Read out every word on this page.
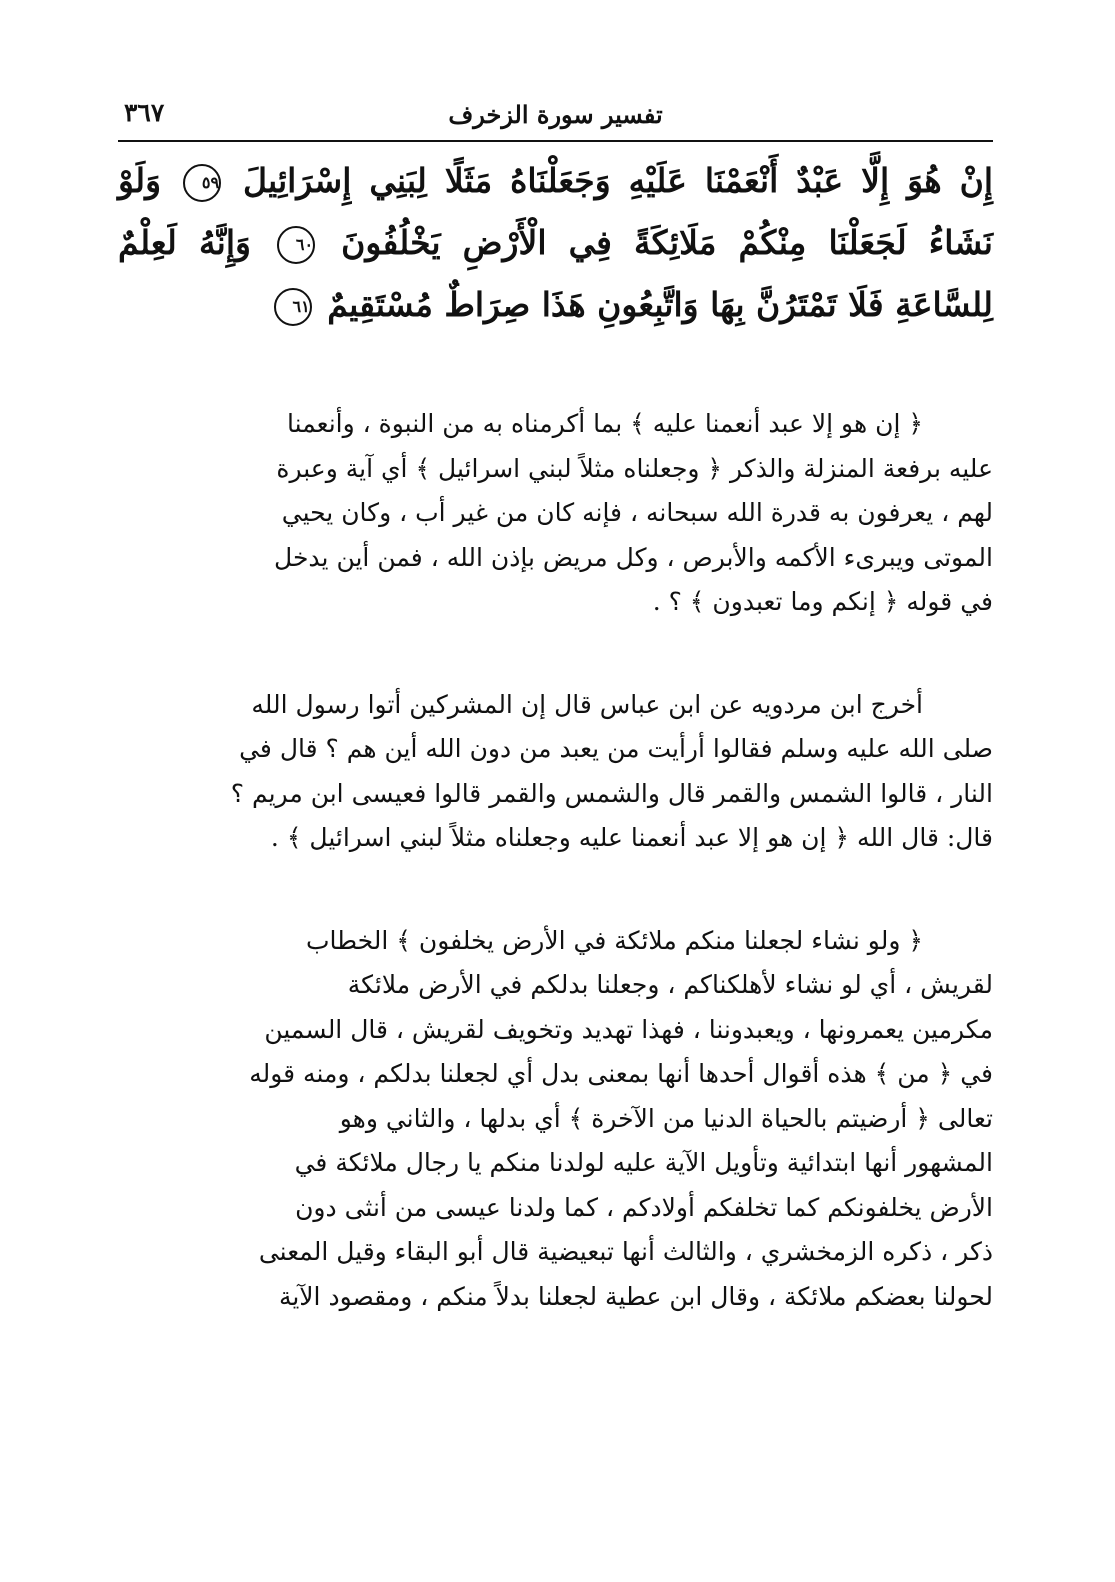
تفسير سورة الزخرف
٣٦٧
إِنْ هُوَ إِلَّا عَبْدٌ أَنْعَمْنَا عَلَيْهِ وَجَعَلْنَاهُ مَثَلًا لِبَنِي إِسْرَائِيلَ ٥٩ وَلَوْ نَشَاءُ لَجَعَلْنَا مِنْكُمْ مَلَائِكَةً فِي الْأَرْضِ يَخْلُفُونَ ٦٠ وَإِنَّهُ لَعِلْمٌ لِلسَّاعَةِ فَلَا تَمْتَرُنَّ بِهَا وَاتَّبِعُونِ هَذَا صِرَاطٌ مُسْتَقِيمٌ ٦١

﴿ إن هو إلا عبد أنعمنا عليه ﴾ بما أكرمناه به من النبوة ، وأنعمنا
عليه برفعة المنزلة والذكر ﴿ وجعلناه مثلاً لبني اسرائيل ﴾ أي آية وعبرة
لهم ، يعرفون به قدرة الله سبحانه ، فإنه كان من غير أب ، وكان يحيي
الموتى ويبرىء الأكمه والأبرص ، وكل مريض بإذن الله ، فمن أين يدخل
في قوله ﴿ إنكم وما تعبدون ﴾ ؟ .

أخرج ابن مردويه عن ابن عباس قال إن المشركين أتوا رسول الله
صلى الله عليه وسلم فقالوا أرأيت من يعبد من دون الله أين هم ؟ قال في
النار ، قالوا الشمس والقمر قال والشمس والقمر قالوا فعيسى ابن مريم ؟
قال: قال الله ﴿ إن هو إلا عبد أنعمنا عليه وجعلناه مثلاً لبني اسرائيل ﴾ .

﴿ ولو نشاء لجعلنا منكم ملائكة في الأرض يخلفون ﴾ الخطاب
لقريش ، أي لو نشاء لأهلكناكم ، وجعلنا بدلكم في الأرض ملائكة
مكرمين يعمرونها ، ويعبدوننا ، فهذا تهديد وتخويف لقريش ، قال السمين
في ﴿ من ﴾ هذه أقوال أحدها أنها بمعنى بدل أي لجعلنا بدلكم ، ومنه قوله
تعالى ﴿ أرضيتم بالحياة الدنيا من الآخرة ﴾ أي بدلها ، والثاني وهو
المشهور أنها ابتدائية وتأويل الآية عليه لولدنا منكم يا رجال ملائكة في
الأرض يخلفونكم كما تخلفكم أولادكم ، كما ولدنا عيسى من أنثى دون
ذكر ، ذكره الزمخشري ، والثالث أنها تبعيضية قال أبو البقاء وقيل المعنى
لحولنا بعضكم ملائكة ، وقال ابن عطية لجعلنا بدلاً منكم ، ومقصود الآية
